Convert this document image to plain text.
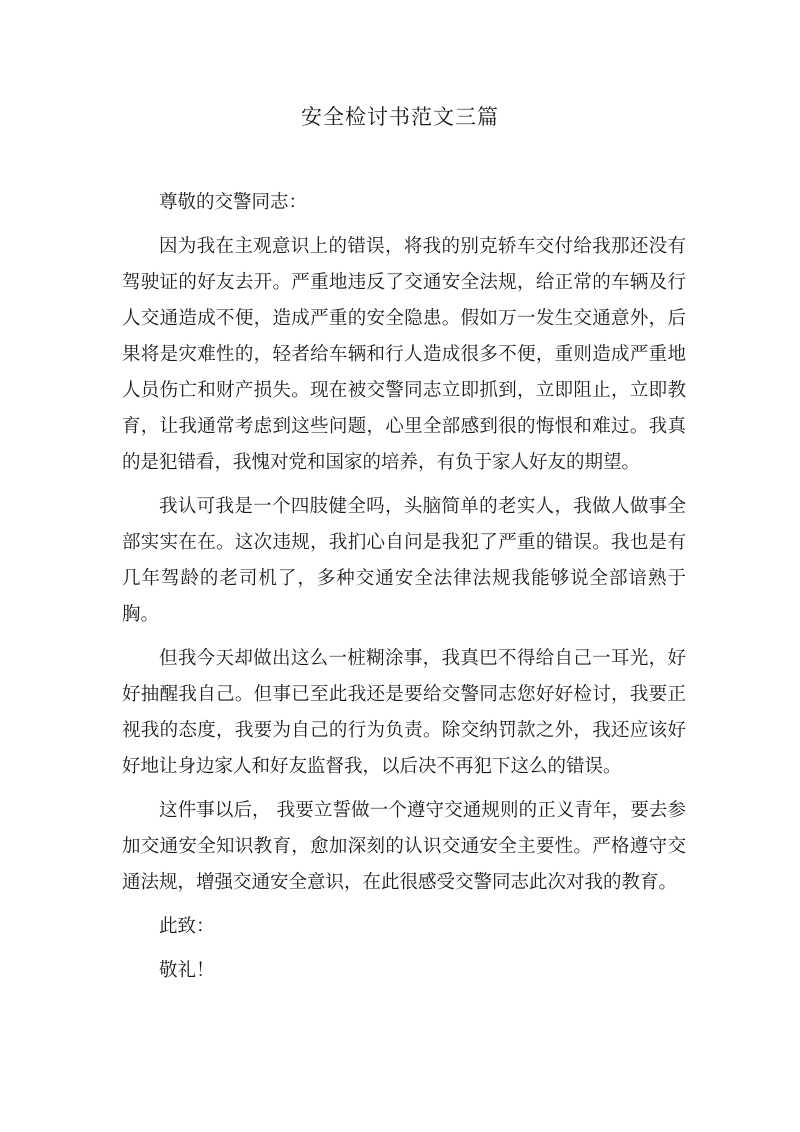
安全检讨书范文三篇

尊敬的交警同志：

因为我在主观意识上的错误，将我的别克轿车交付给我那还没有驾驶证的好友去开。严重地违反了交通安全法规，给正常的车辆及行人交通造成不便，造成严重的安全隐患。假如万一发生交通意外，后果将是灾难性的，轻者给车辆和行人造成很多不便，重则造成严重地人员伤亡和财产损失。现在被交警同志立即抓到，立即阻止，立即教育，让我通常考虑到这些问题，心里全部感到很的悔恨和难过。我真的是犯错看，我愧对党和国家的培养，有负于家人好友的期望。

我认可我是一个四肢健全吗，头脑简单的老实人，我做人做事全部实实在在。这次违规，我扪心自问是我犯了严重的错误。我也是有几年驾龄的老司机了，多种交通安全法律法规我能够说全部谙熟于胸。

但我今天却做出这么一桩糊涂事，我真巴不得给自己一耳光，好好抽醒我自己。但事已至此我还是要给交警同志您好好检讨，我要正视我的态度，我要为自己的行为负责。除交纳罚款之外，我还应该好好地让身边家人和好友监督我，以后决不再犯下这么的错误。

这件事以后， 我要立誓做一个遵守交通规则的正义青年，要去参加交通安全知识教育，愈加深刻的认识交通安全主要性。严格遵守交通法规，增强交通安全意识，在此很感受交警同志此次对我的教育。

此致：

敬礼！
